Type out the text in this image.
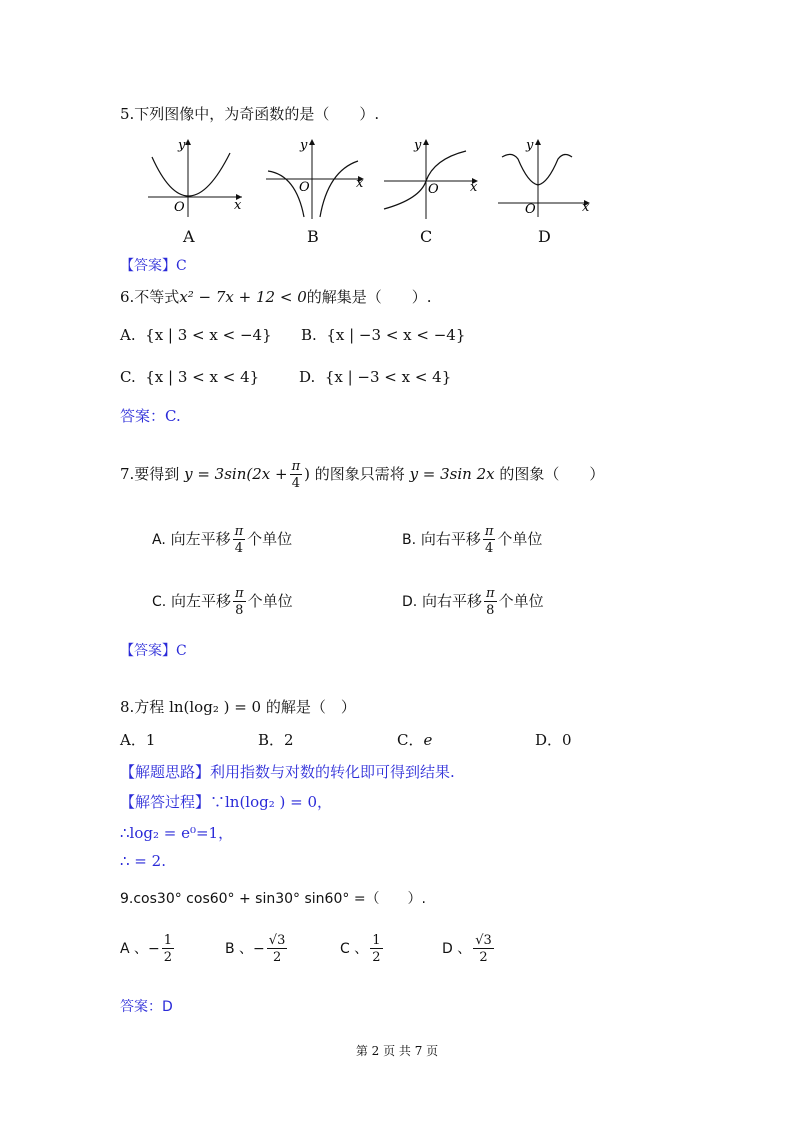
5.下列图像中，为奇函数的是（　　）.
y
x
O
A
y
x
O
B
y
x
O
C
y
x
O
D
【答案】C
6.不等式x² − 7x + 12 < 0的解集是（　　）.
A. {x | 3 < x < −4} B. {x | −3 < x < −4}
C. {x | 3 < x < 4}	D. {x | −3 < x < 4}
答案：C.
7.要得到 $y = 3\sin(2x + \frac{\pi}{4}$ ) 的图象只需将 y = 3sin 2x 的图象（　　）
A. 向左平移 $\frac{\pi}{4}$ 个单位	B. 向右平移 $\frac{\pi}{4}$ 个单位
C. 向左平移 $\frac{\pi}{8}$ 个单位	D. 向右平移 $\frac{\pi}{8}$ 个单位
【答案】C
8.方程 ln(log₂ ) = 0 的解是（　）
A．1	B．2	C．e	D．0
【解题思路】利用指数与对数的转化即可得到结果.
【解答过程】∵ln(log₂ ) = 0，
∴log₂ = e⁰=1，
∴ = 2.
9.cos30° cos60° + sin30° sin60° =（　　）.
A 、− $\frac{1}{2}$	B 、− $\frac{√3}{2}$	C 、 $\frac{1}{2}$	D 、 $\frac{√3}{2}$
答案：D
第 2 页 共 7 页
